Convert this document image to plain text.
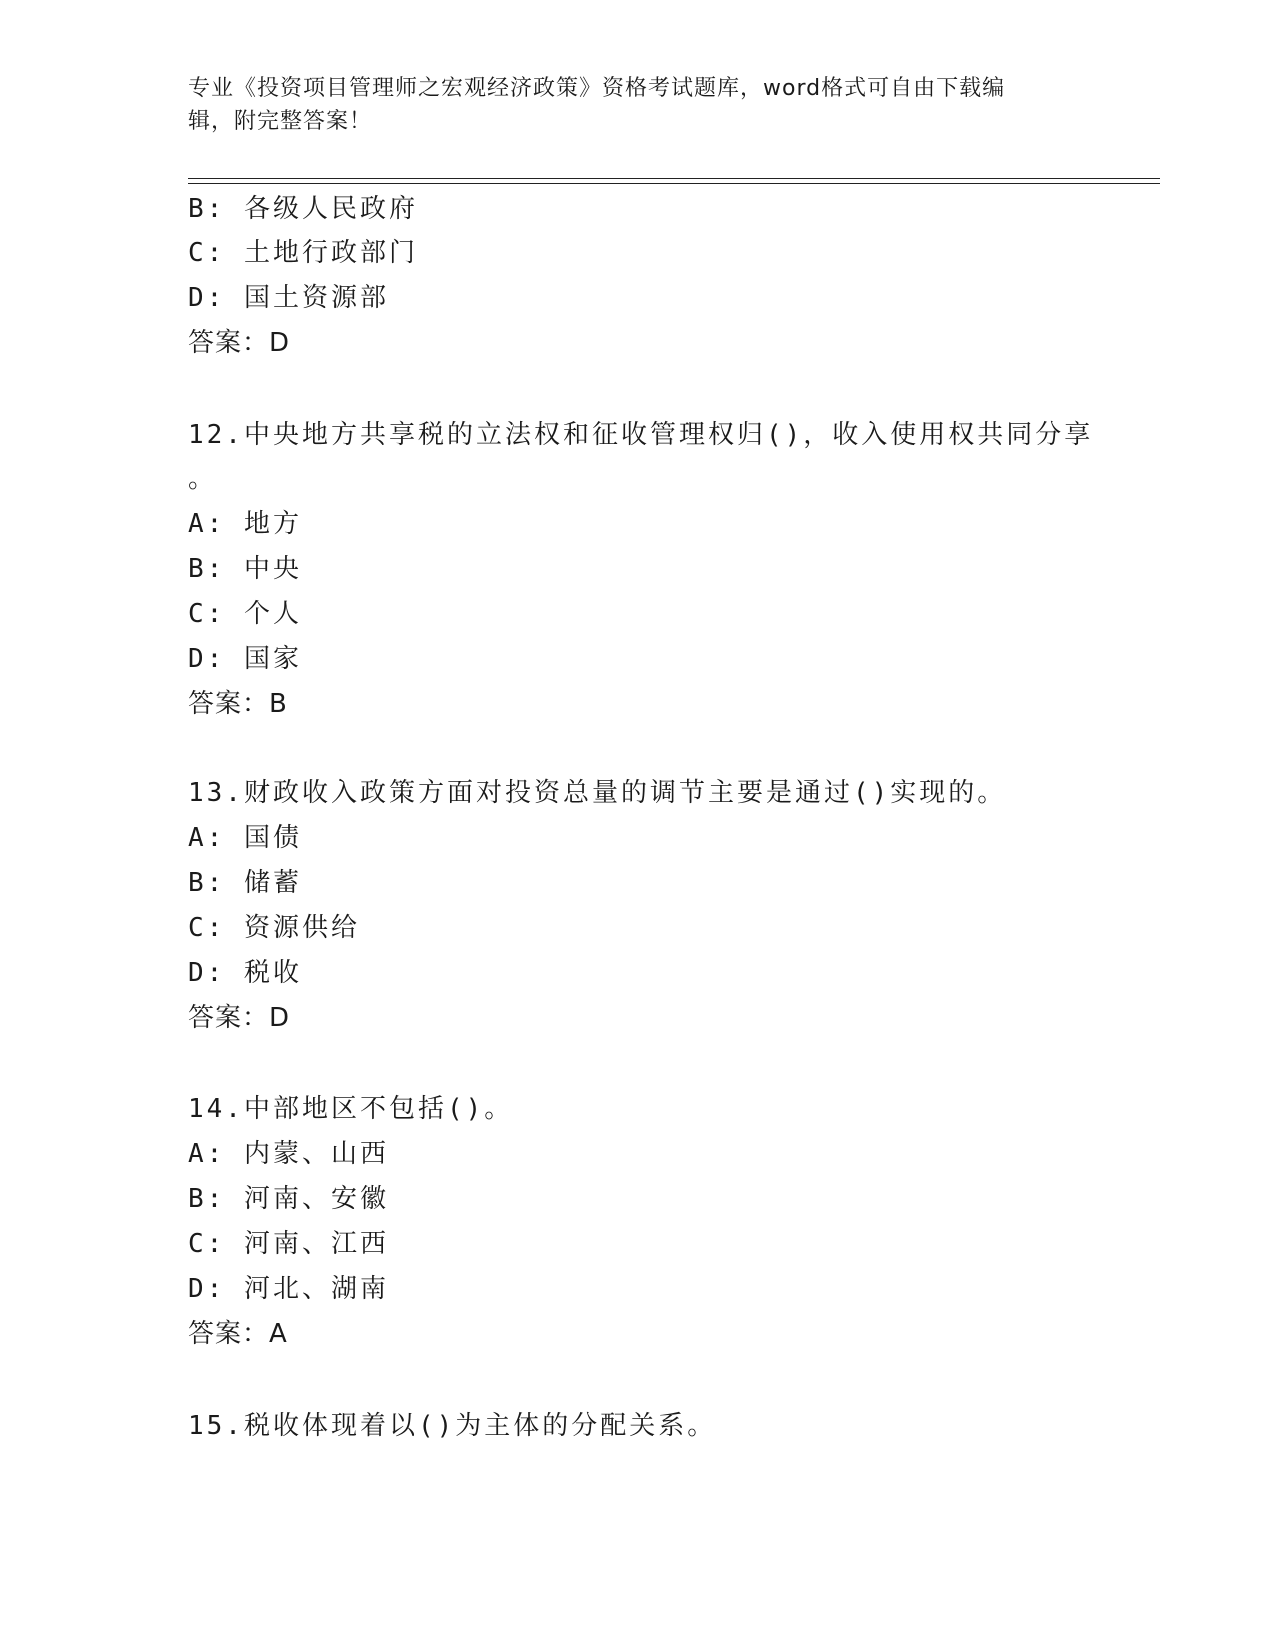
专业《投资项目管理师之宏观经济政策》资格考试题库，word格式可自由下载编
辑，附完整答案！
B: 各级人民政府
C: 土地行政部门
D: 国土资源部
答案：D
12.中央地方共享税的立法权和征收管理权归()，收入使用权共同分享
。
A: 地方
B: 中央
C: 个人
D: 国家
答案：B
13.财政收入政策方面对投资总量的调节主要是通过()实现的。
A: 国债
B: 储蓄
C: 资源供给
D: 税收
答案：D
14.中部地区不包括()。
A: 内蒙、山西
B: 河南、安徽
C: 河南、江西
D: 河北、湖南
答案：A
15.税收体现着以()为主体的分配关系。
